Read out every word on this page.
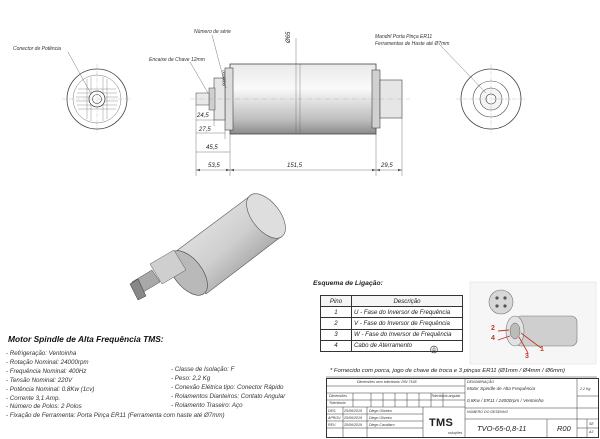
Conector de Potência
Número de série
Encaixe de Chave 12mm
Mandril Porta Pinça ER11
Ferramentas de Haste até Ø7mm
Ø65
0000000
24,5
27,5
45,5
53,5	151,5	29,5
2
4
3
1
Motor Spindle de Alta Frequência TMS:
- Refrigeração: Ventoinha
- Rotação Nominal: 24000rpm
- Frequência Nominal: 400Hz
- Tensão Nominal: 220V
- Potência Nominal: 0.8Kw (1cv)
- Corrente 3,1 Amp.
- Número de Polos: 2 Polos
- Fixação de Ferramenta: Porta Pinça ER11 (Ferramenta com haste até Ø7mm)
- Classe de Isolação: F
- Peso: 2,2 Kg
- Conexão Elétrica tipo: Conector Rápido
- Rolamentos Dianteiros: Contato Angular
- Rolamento Traseiro: Aço
Esquema de Ligação:
Pino	Descrição
1	U - Fase do Inversor de Frequência
2	V - Fase do Inversor de Frequência
3	W - Fase do Inversor de Frequência
4	Cabo de Aterramento
* Fornecido com porca, jogo de chave de troca e 3 pinças ER11 (Ø1mm / Ø4mm / Ø6mm)
Dimensões sem tolerância: DIN 7168
Dimensões
Tolerância
Tolerância angular
DES. 25/06/2019 Diego Oliveira
APROV. 25/06/2019 Diego Oliveira
REV. 25/06/2019 Diego Cavallaro	TMS
soluções
DENOMINAÇÃO
Motor Spindle de Alta Frequência
0,8Kw / ER11 / 24000rpm / Ventoinha
NÚMERO DO DESENHO
2,2 Kg
SE
A3
TVO-65-0,8-11	R00
